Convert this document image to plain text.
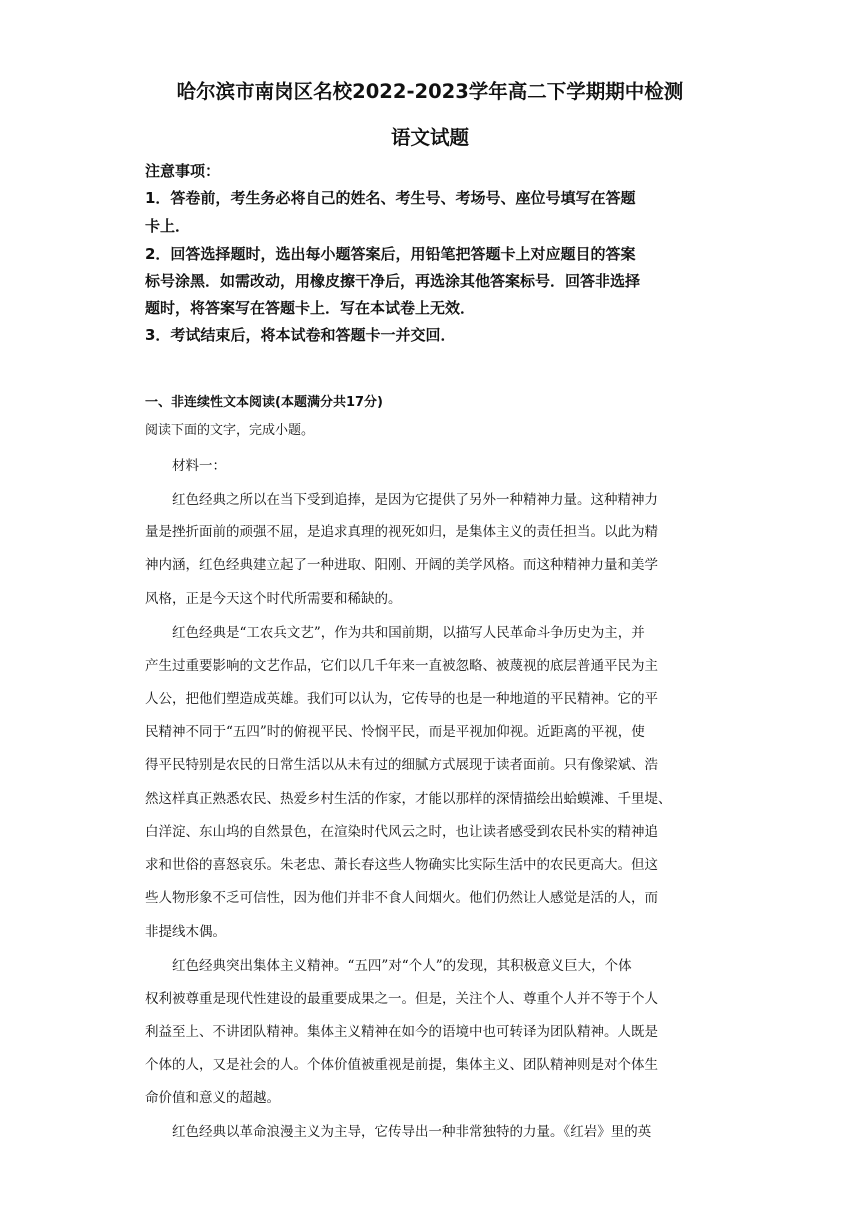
哈尔滨市南岗区名校2022-2023学年高二下学期期中检测
语文试题
注意事项：
1．答卷前，考生务必将自己的姓名、考生号、考场号、座位号填写在答题
卡上．
2．回答选择题时，选出每小题答案后，用铅笔把答题卡上对应题目的答案
标号涂黑．如需改动，用橡皮擦干净后，再选涂其他答案标号．回答非选择
题时，将答案写在答题卡上．写在本试卷上无效．
3．考试结束后，将本试卷和答题卡一并交回．
一、非连续性文本阅读(本题满分共17分)
阅读下面的文字，完成小题。
材料一：
红色经典之所以在当下受到追捧，是因为它提供了另外一种精神力量。这种精神力
量是挫折面前的顽强不屈，是追求真理的视死如归，是集体主义的责任担当。以此为精
神内涵，红色经典建立起了一种进取、阳刚、开阔的美学风格。而这种精神力量和美学
风格，正是今天这个时代所需要和稀缺的。
红色经典是“工农兵文艺”，作为共和国前期，以描写人民革命斗争历史为主，并
产生过重要影响的文艺作品，它们以几千年来一直被忽略、被蔑视的底层普通平民为主
人公，把他们塑造成英雄。我们可以认为，它传导的也是一种地道的平民精神。它的平
民精神不同于“五四”时的俯视平民、怜悯平民，而是平视加仰视。近距离的平视，使
得平民特别是农民的日常生活以从未有过的细腻方式展现于读者面前。只有像梁斌、浩
然这样真正熟悉农民、热爱乡村生活的作家，才能以那样的深情描绘出蛤蟆滩、千里堤、
白洋淀、东山坞的自然景色，在渲染时代风云之时，也让读者感受到农民朴实的精神追
求和世俗的喜怒哀乐。朱老忠、萧长春这些人物确实比实际生活中的农民更高大。但这
些人物形象不乏可信性，因为他们并非不食人间烟火。他们仍然让人感觉是活的人，而
非提线木偶。
红色经典突出集体主义精神。“五四”对“个人”的发现，其积极意义巨大，个体
权利被尊重是现代性建设的最重要成果之一。但是，关注个人、尊重个人并不等于个人
利益至上、不讲团队精神。集体主义精神在如今的语境中也可转译为团队精神。人既是
个体的人，又是社会的人。个体价值被重视是前提，集体主义、团队精神则是对个体生
命价值和意义的超越。
红色经典以革命浪漫主义为主导，它传导出一种非常独特的力量。《红岩》里的英
